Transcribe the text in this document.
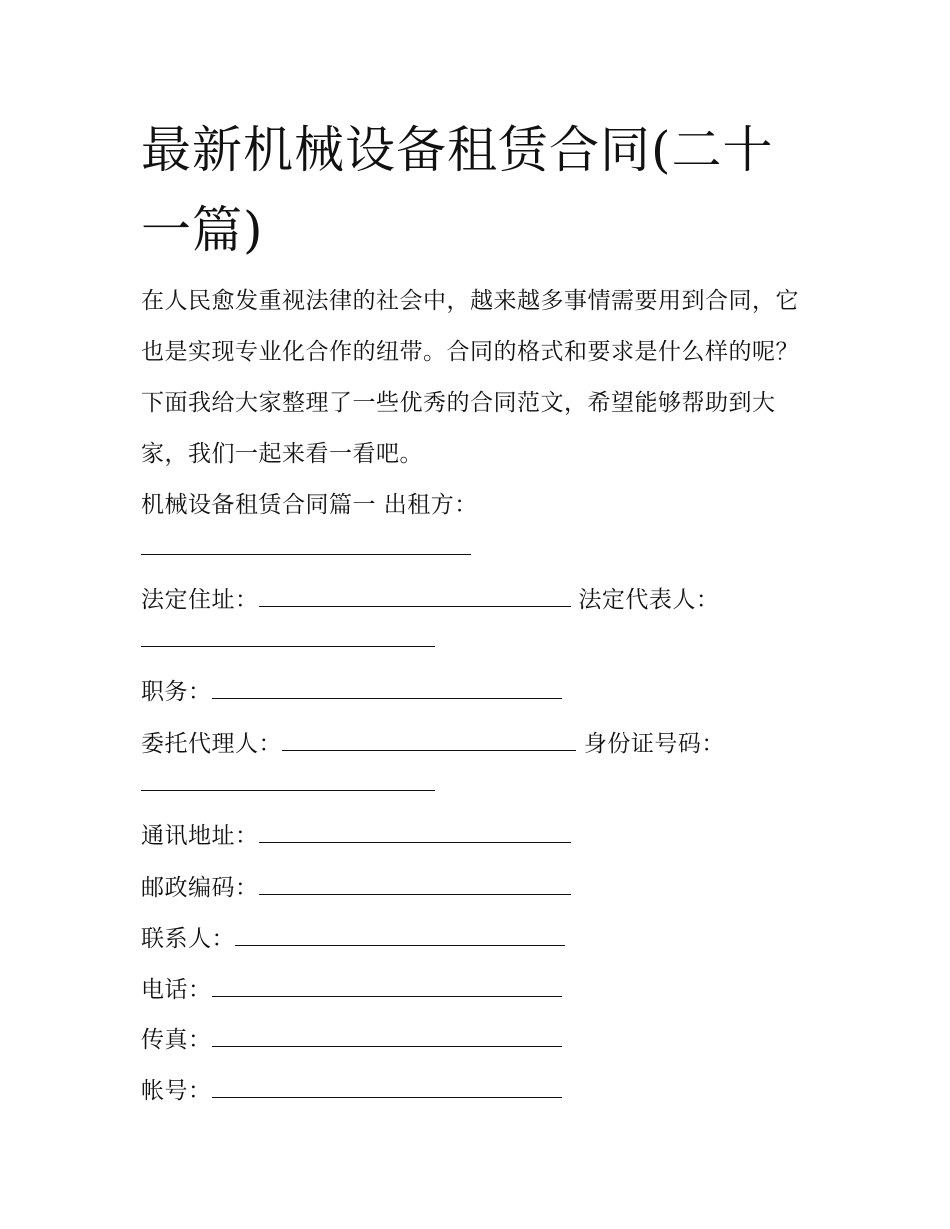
最新机械设备租赁合同(二十一篇)

在人民愈发重视法律的社会中，越来越多事情需要用到合同，它也是实现专业化合作的纽带。合同的格式和要求是什么样的呢？下面我给大家整理了一些优秀的合同范文，希望能够帮助到大家，我们一起来看一看吧。

机械设备租赁合同篇一 出租方：
法定住址：	法定代表人：
职务：
委托代理人：	身份证号码：
通讯地址：
邮政编码：
联系人：
电话：
传真：
帐号：
